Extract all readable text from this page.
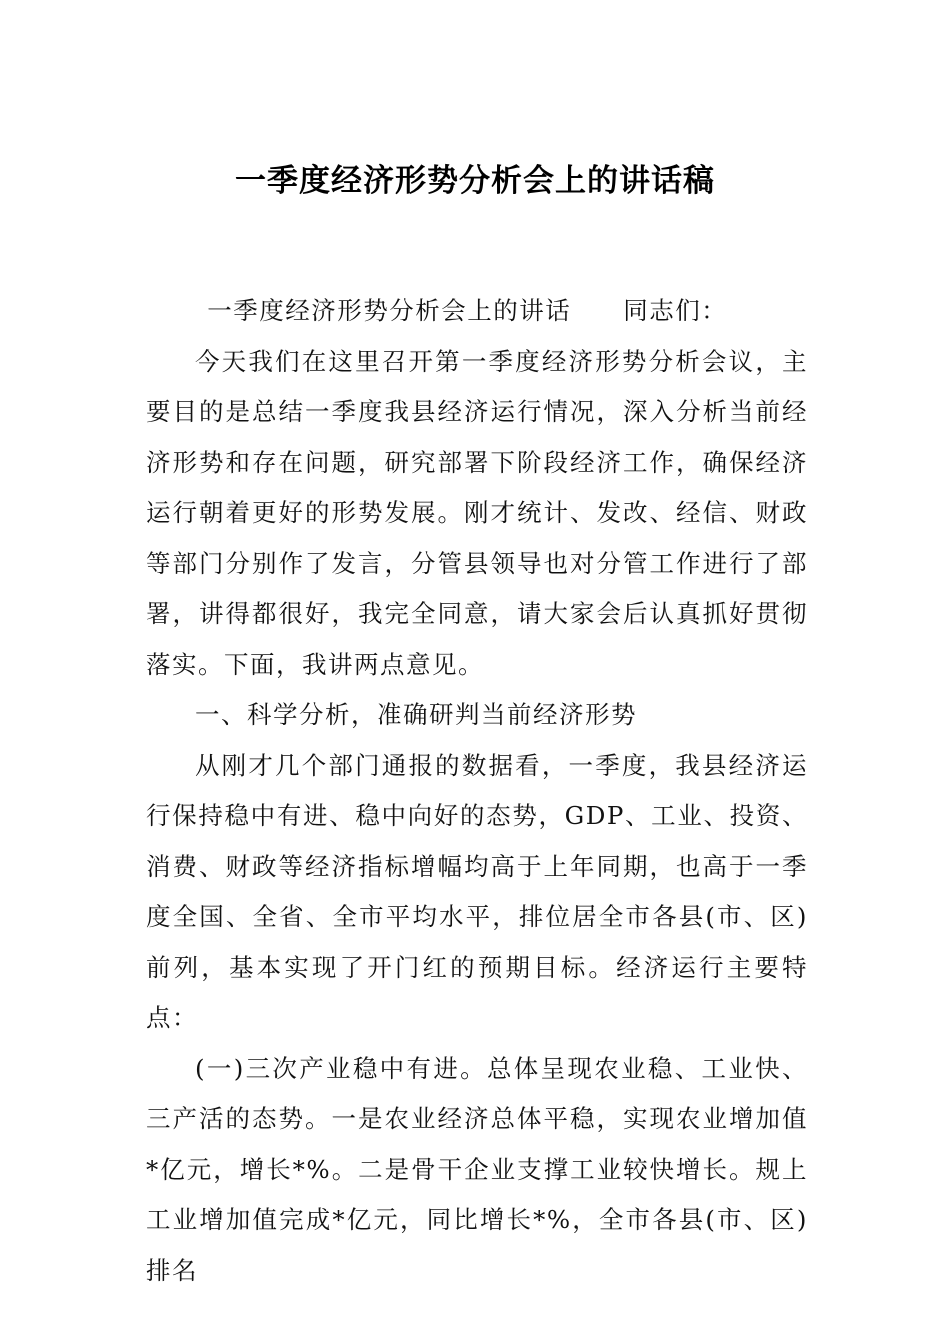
一季度经济形势分析会上的讲话稿

一季度经济形势分析会上的讲话 同志们：

今天我们在这里召开第一季度经济形势分析会议，主要目的是总结一季度我县经济运行情况，深入分析当前经济形势和存在问题，研究部署下阶段经济工作，确保经济运行朝着更好的形势发展。刚才统计、发改、经信、财政等部门分别作了发言，分管县领导也对分管工作进行了部署，讲得都很好，我完全同意，请大家会后认真抓好贯彻落实。下面，我讲两点意见。

一、科学分析，准确研判当前经济形势

从刚才几个部门通报的数据看，一季度，我县经济运行保持稳中有进、稳中向好的态势，GDP、工业、投资、消费、财政等经济指标增幅均高于上年同期，也高于一季度全国、全省、全市平均水平，排位居全市各县(市、区)前列，基本实现了开门红的预期目标。经济运行主要特点：

(一)三次产业稳中有进。总体呈现农业稳、工业快、三产活的态势。一是农业经济总体平稳，实现农业增加值*亿元，增长*%。二是骨干企业支撑工业较快增长。规上工业增加值完成*亿元，同比增长*%，全市各县(市、区)排名
